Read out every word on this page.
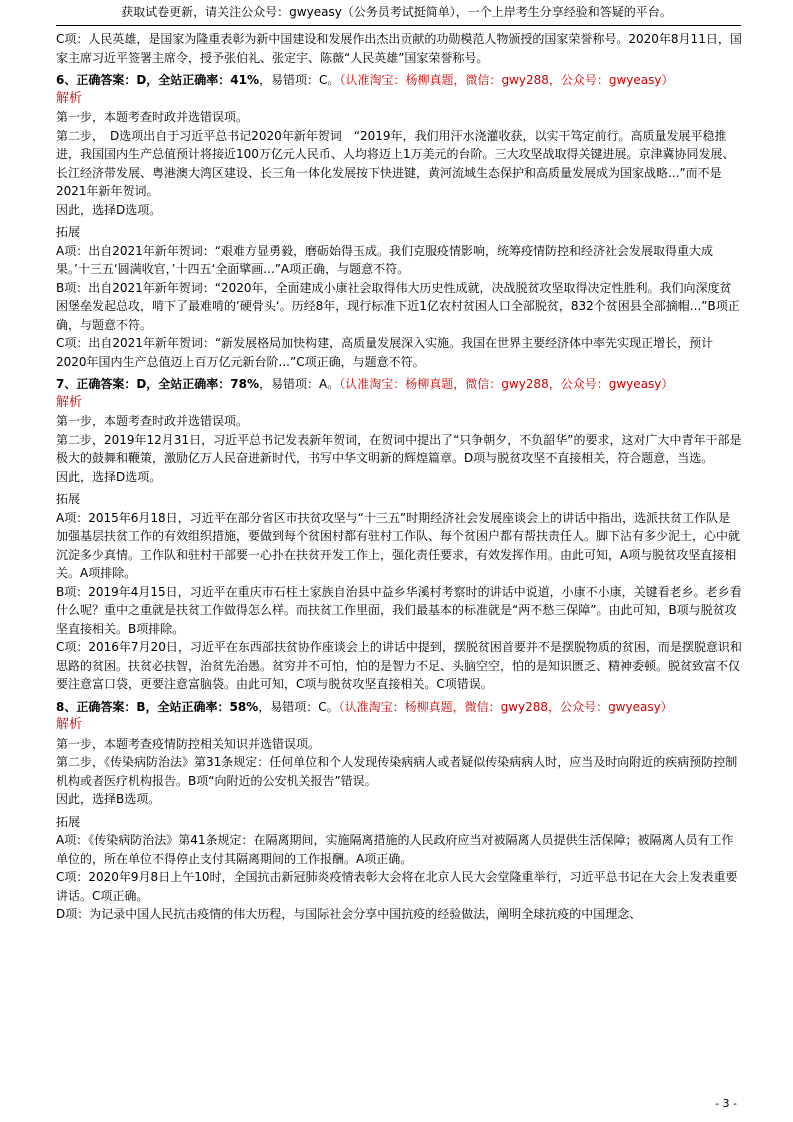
获取试卷更新，请关注公众号：gwyeasy（公务员考试挺简单），一个上岸考生分享经验和答疑的平台。

C项：人民英雄，是国家为隆重表彰为新中国建设和发展作出杰出贡献的功勋模范人物颁授的国家荣誉称号。2020年8月11日，国家主席习近平签署主席令，授予张伯礼、张定宇、陈薇“人民英雄”国家荣誉称号。

6、正确答案：D，全站正确率：41%，易错项：C。（认准淘宝：杨柳真题，微信：gwy288，公众号：gwyeasy）

解析

第一步，本题考查时政并选错误项。

第二步，　D选项出自于习近平总书记2020年新年贺词　“2019年，我们用汗水浇灌收获，以实干笃定前行。高质量发展平稳推进，我国国内生产总值预计将接近100万亿元人民币、人均将迈上1万美元的台阶。三大攻坚战取得关键进展。京津冀协同发展、长江经济带发展、粤港澳大湾区建设、长三角一体化发展按下快进键，黄河流域生态保护和高质量发展成为国家战略...”而不是2021年新年贺词。

因此，选择D选项。

拓展

A项：出自2021年新年贺词：“艰难方显勇毅，磨砺始得玉成。我们克服疫情影响，统筹疫情防控和经济社会发展取得重大成果。’十三五‘圆满收官，’十四五‘全面擘画...”A项正确，与题意不符。

B项：出自2021年新年贺词：“2020年，全面建成小康社会取得伟大历史性成就，决战脱贫攻坚取得决定性胜利。我们向深度贫困堡垒发起总攻，啃下了最难啃的’硬骨头‘。历经8年，现行标准下近1亿农村贫困人口全部脱贫，832个贫困县全部摘帽...”B项正确，与题意不符。

C项：出自2021年新年贺词：“新发展格局加快构建，高质量发展深入实施。我国在世界主要经济体中率先实现正增长，预计2020年国内生产总值迈上百万亿元新台阶...”C项正确，与题意不符。

7、正确答案：D，全站正确率：78%，易错项：A。（认准淘宝：杨柳真题，微信：gwy288，公众号：gwyeasy）

解析

第一步，本题考查时政并选错误项。

第二步，2019年12月31日，习近平总书记发表新年贺词，在贺词中提出了“只争朝夕，不负韶华”的要求，这对广大中青年干部是极大的鼓舞和鞭策，激励亿万人民奋进新时代，书写中华文明新的辉煌篇章。D项与脱贫攻坚不直接相关，符合题意，当选。

因此，选择D选项。

拓展

A项：2015年6月18日，习近平在部分省区市扶贫攻坚与“十三五”时期经济社会发展座谈会上的讲话中指出，选派扶贫工作队是加强基层扶贫工作的有效组织措施，要做到每个贫困村都有驻村工作队、每个贫困户都有帮扶责任人。脚下沾有多少泥土，心中就沉淀多少真情。工作队和驻村干部要一心扑在扶贫开发工作上，强化责任要求，有效发挥作用。由此可知，A项与脱贫攻坚直接相关。A项排除。

B项：2019年4月15日，习近平在重庆市石柱土家族自治县中益乡华溪村考察时的讲话中说道，小康不小康，关键看老乡。老乡看什么呢？重中之重就是扶贫工作做得怎么样。而扶贫工作里面，我们最基本的标准就是“两不愁三保障”。由此可知，B项与脱贫攻坚直接相关。B项排除。

C项：2016年7月20日，习近平在东西部扶贫协作座谈会上的讲话中提到，摆脱贫困首要并不是摆脱物质的贫困，而是摆脱意识和思路的贫困。扶贫必扶智，治贫先治愚。贫穷并不可怕，怕的是智力不足、头脑空空，怕的是知识匮乏、精神委顿。脱贫致富不仅要注意富口袋，更要注意富脑袋。由此可知，C项与脱贫攻坚直接相关。C项错误。

8、正确答案：B，全站正确率：58%，易错项：C。（认准淘宝：杨柳真题，微信：gwy288，公众号：gwyeasy）

解析

第一步，本题考查疫情防控相关知识并选错误项。

第二步，《传染病防治法》第31条规定：任何单位和个人发现传染病病人或者疑似传染病病人时，应当及时向附近的疾病预防控制机构或者医疗机构报告。B项“向附近的公安机关报告”错误。

因此，选择B选项。

拓展

A项：《传染病防治法》第41条规定：在隔离期间，实施隔离措施的人民政府应当对被隔离人员提供生活保障；被隔离人员有工作单位的，所在单位不得停止支付其隔离期间的工作报酬。A项正确。

C项：2020年9月8日上午10时，全国抗击新冠肺炎疫情表彰大会将在北京人民大会堂隆重举行，习近平总书记在大会上发表重要讲话。C项正确。

D项：为记录中国人民抗击疫情的伟大历程，与国际社会分享中国抗疫的经验做法，阐明全球抗疫的中国理念、

- 3 -
